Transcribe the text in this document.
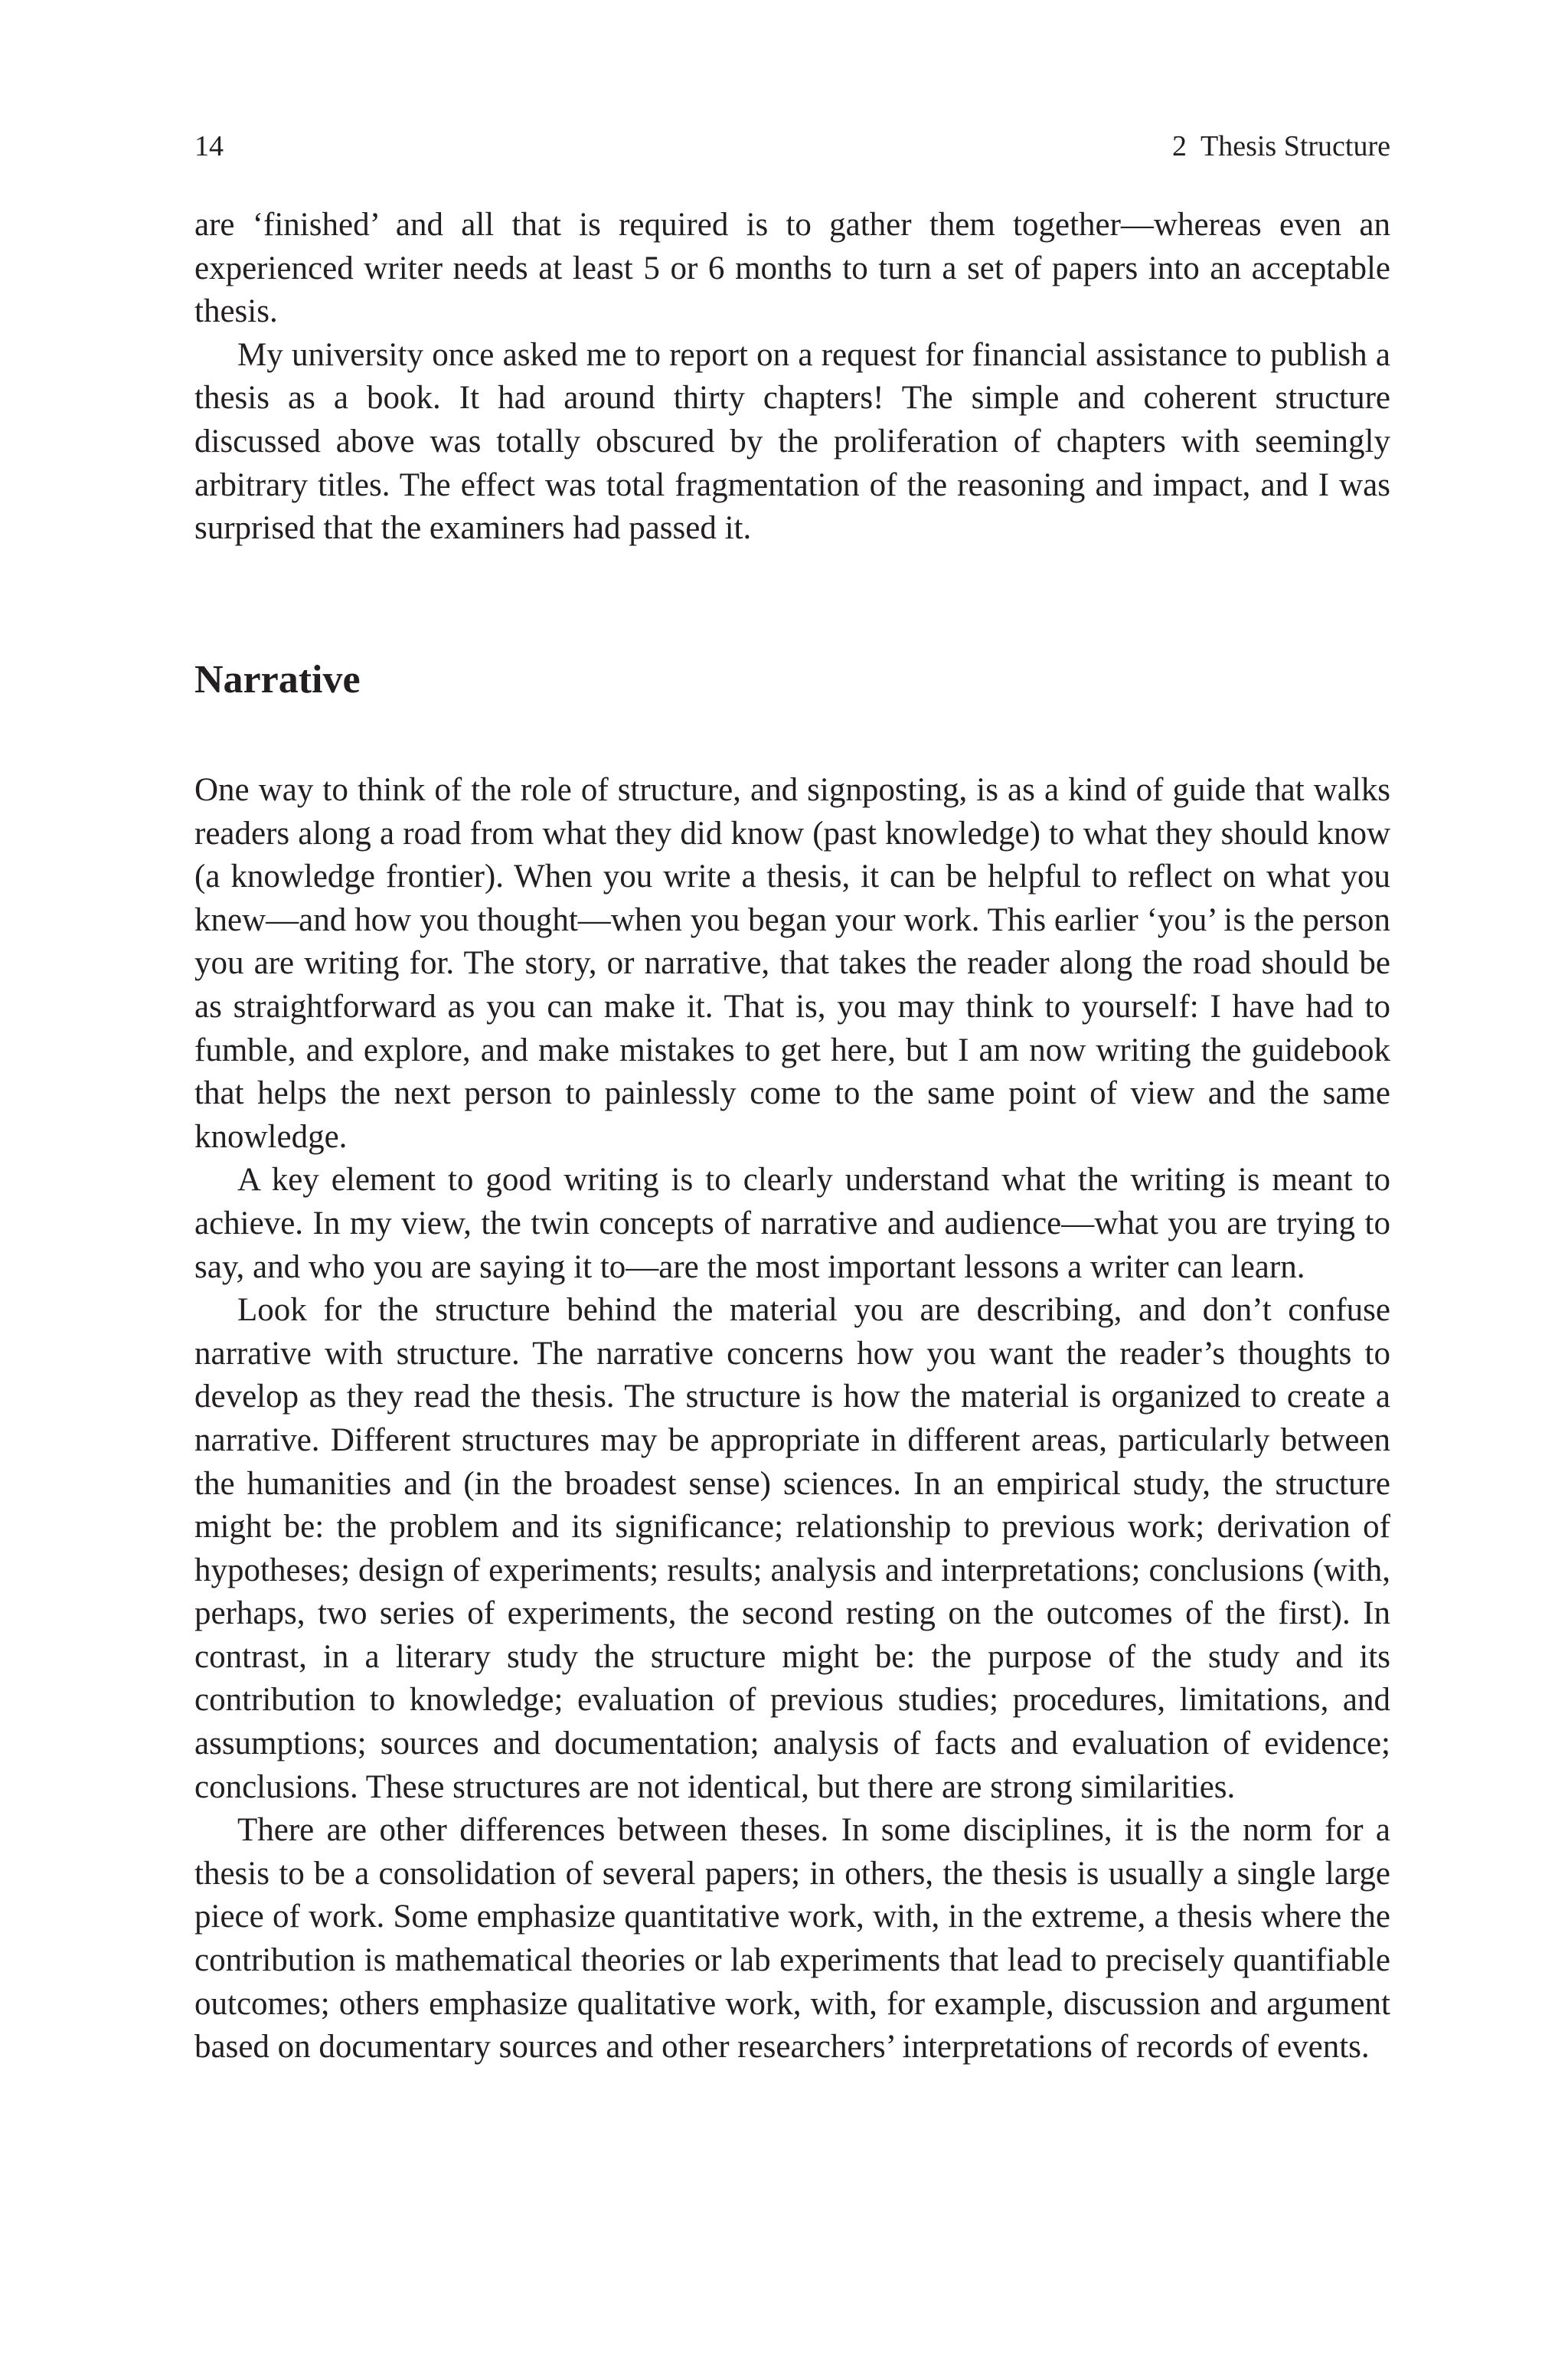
14	2 Thesis Structure

are ‘finished’ and all that is required is to gather them together—whereas even an experienced writer needs at least 5 or 6 months to turn a set of papers into an acceptable thesis.

My university once asked me to report on a request for financial assistance to publish a thesis as a book. It had around thirty chapters! The simple and coherent structure discussed above was totally obscured by the proliferation of chapters with seemingly arbitrary titles. The effect was total fragmentation of the reasoning and impact, and I was surprised that the examiners had passed it.

Narrative

One way to think of the role of structure, and signposting, is as a kind of guide that walks readers along a road from what they did know (past knowledge) to what they should know (a knowledge frontier). When you write a thesis, it can be helpful to reflect on what you knew—and how you thought—when you began your work. This earlier ‘you’ is the person you are writing for. The story, or narrative, that takes the reader along the road should be as straightforward as you can make it. That is, you may think to yourself: I have had to fumble, and explore, and make mistakes to get here, but I am now writing the guidebook that helps the next person to painlessly come to the same point of view and the same knowledge.

A key element to good writing is to clearly understand what the writing is meant to achieve. In my view, the twin concepts of narrative and audience—what you are trying to say, and who you are saying it to—are the most important lessons a writer can learn.

Look for the structure behind the material you are describing, and don’t confuse narrative with structure. The narrative concerns how you want the reader’s thoughts to develop as they read the thesis. The structure is how the material is organized to create a narrative. Different structures may be appropriate in different areas, particularly between the humanities and (in the broadest sense) sciences. In an empirical study, the structure might be: the problem and its significance; relationship to previous work; derivation of hypotheses; design of experiments; results; analysis and interpretations; conclusions (with, perhaps, two series of experiments, the second resting on the outcomes of the first). In contrast, in a literary study the structure might be: the purpose of the study and its contribution to knowledge; evaluation of previous studies; procedures, limitations, and assumptions; sources and documentation; analysis of facts and evaluation of evidence; conclusions. These structures are not identical, but there are strong similarities.

There are other differences between theses. In some disciplines, it is the norm for a thesis to be a consolidation of several papers; in others, the thesis is usually a single large piece of work. Some emphasize quantitative work, with, in the extreme, a thesis where the contribution is mathematical theories or lab experiments that lead to precisely quantifiable outcomes; others emphasize qualitative work, with, for example, discussion and argument based on documentary sources and other researchers’ interpretations of records of events.
